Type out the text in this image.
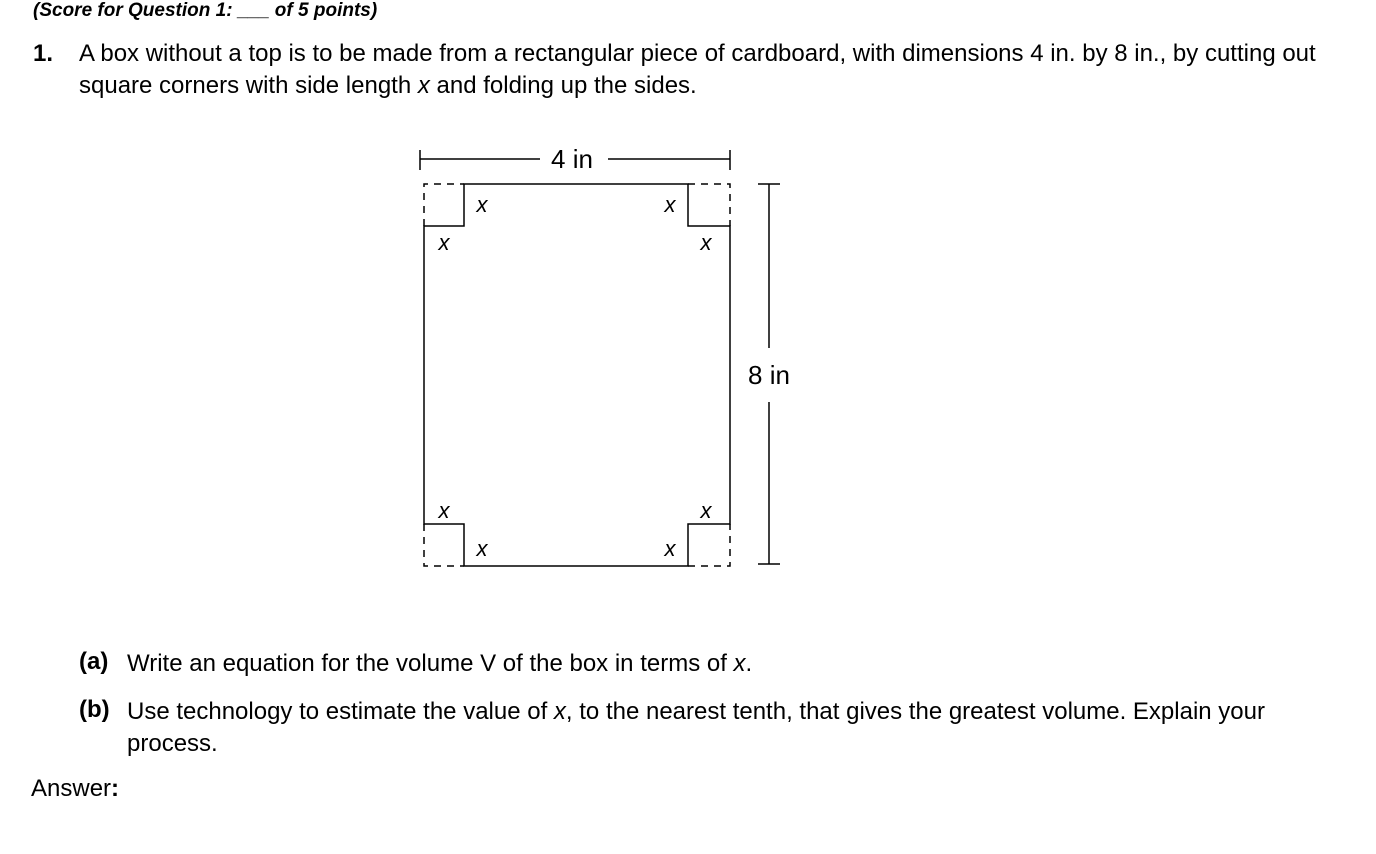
(Score for Question 1: ___ of 5 points)
1. A box without a top is to be made from a rectangular piece of cardboard, with dimensions 4 in. by 8 in., by cutting out square corners with side length x and folding up the sides.
4 in
8 in
x
x
x
x
x
x
x
x
(a) Write an equation for the volume V of the box in terms of x.
(b) Use technology to estimate the value of x, to the nearest tenth, that gives the greatest volume. Explain your process.
Answer:
